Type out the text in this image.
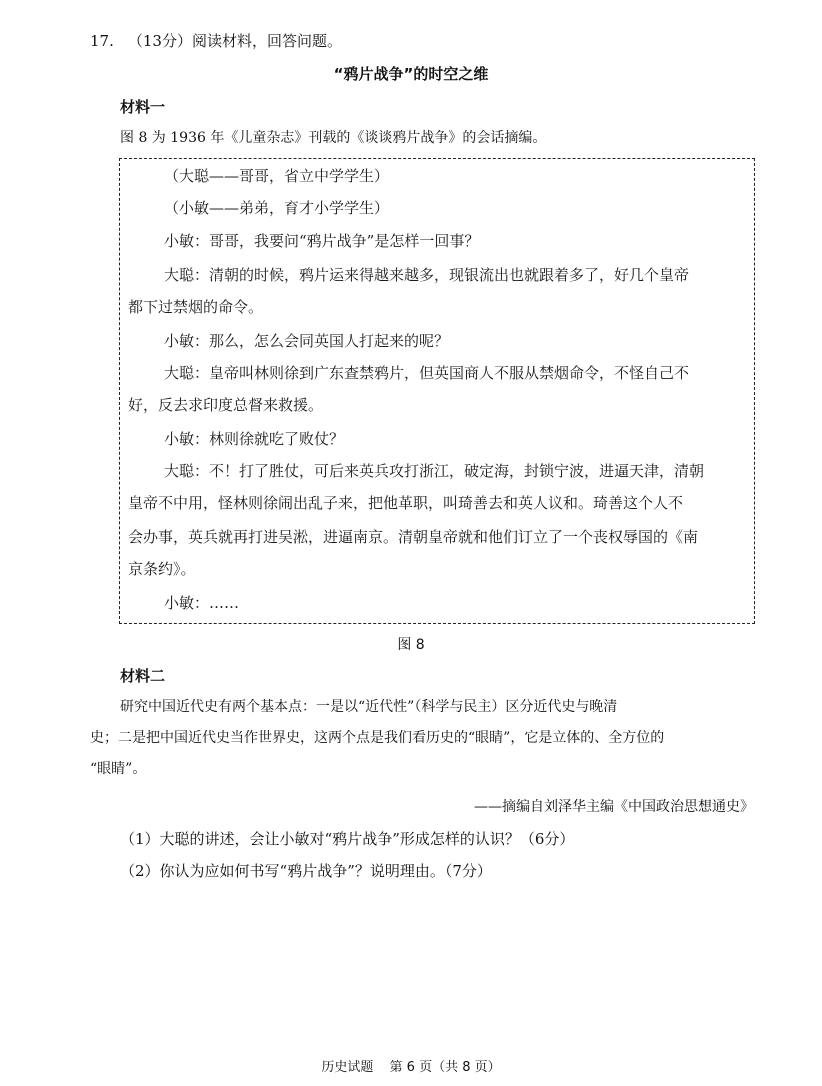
17. （13分）阅读材料，回答问题。
“鸦片战争”的时空之维
材料一
图 8 为 1936 年《儿童杂志》刊载的《谈谈鸦片战争》的会话摘编。
（大聪——哥哥，省立中学学生）
（小敏——弟弟，育才小学学生）
小敏：哥哥，我要问“鸦片战争”是怎样一回事？
大聪：清朝的时候，鸦片运来得越来越多，现银流出也就跟着多了，好几个皇帝
都下过禁烟的命令。
小敏：那么，怎么会同英国人打起来的呢？
大聪：皇帝叫林则徐到广东查禁鸦片，但英国商人不服从禁烟命令，不怪自己不
好，反去求印度总督来救援。
小敏：林则徐就吃了败仗？
大聪：不！打了胜仗，可后来英兵攻打浙江，破定海，封锁宁波，进逼天津，清朝
皇帝不中用，怪林则徐闹出乱子来，把他革职，叫琦善去和英人议和。琦善这个人不
会办事，英兵就再打进吴淞，进逼南京。清朝皇帝就和他们订立了一个丧权辱国的《南
京条约》。
小敏：……
图 8
材料二
研究中国近代史有两个基本点：一是以“近代性”（科学与民主）区分近代史与晚清
史；二是把中国近代史当作世界史，这两个点是我们看历史的“眼睛”，它是立体的、全方位的
“眼睛”。
——摘编自刘泽华主编《中国政治思想通史》
（1）大聪的讲述，会让小敏对“鸦片战争”形成怎样的认识？（6分）
（2）你认为应如何书写“鸦片战争”？说明理由。（7分）
历史试题 第 6 页（共 8 页）
